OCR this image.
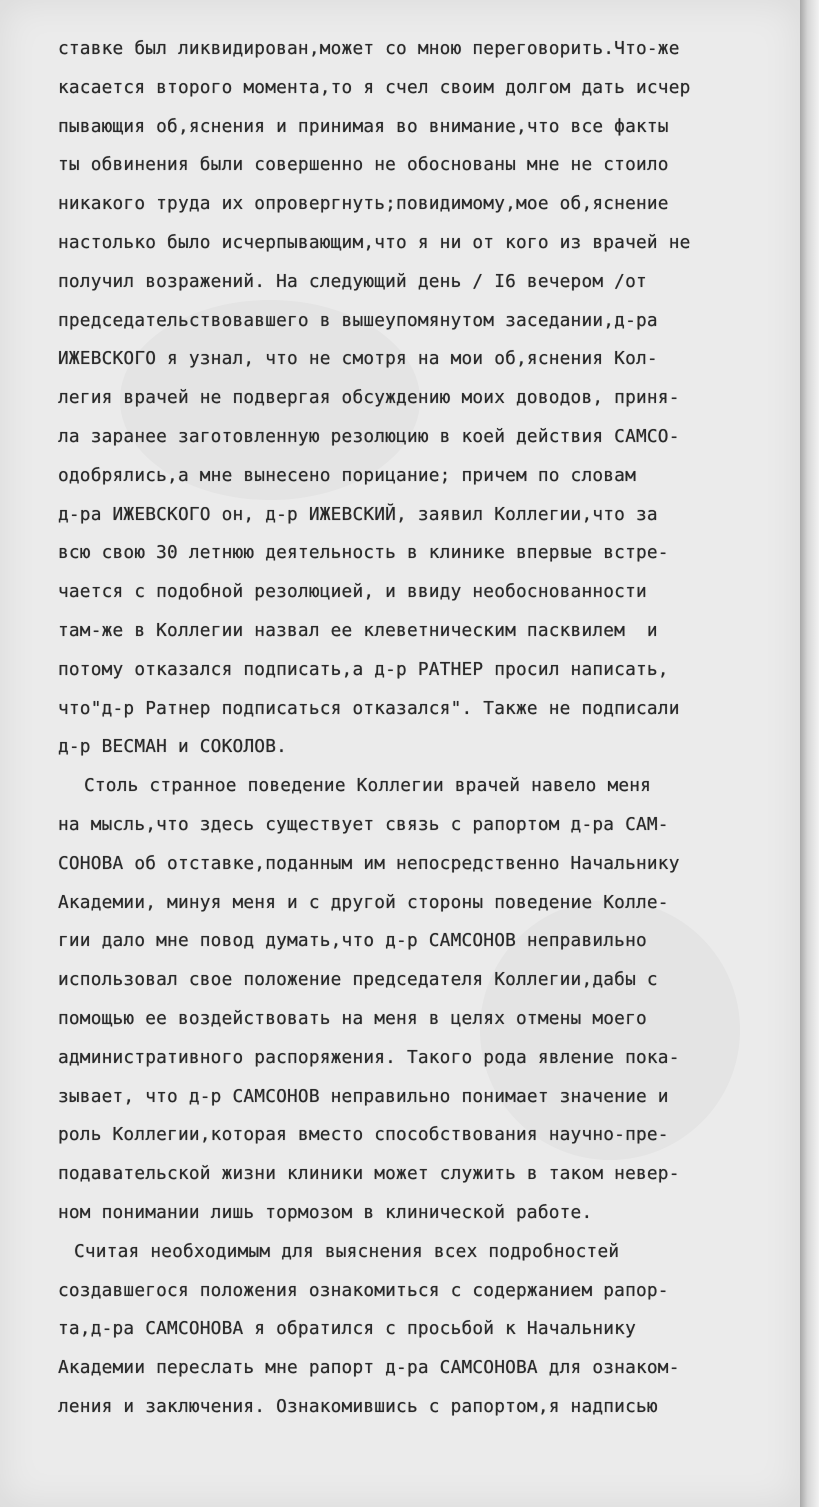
ставке был ликвидирован,может со мною переговорить.Что-же
касается второго момента,то я счел своим долгом дать исчер
пывающия об,яснения и принимая во внимание,что все факты
ты обвинения были совершенно не обоснованы мне не стоило
никакого труда их опровергнуть;повидимому,мое об,яснение
настолько было исчерпывающим,что я ни от кого из врачей не
получил возражений. На следующий день / I6 вечером /от
председательствовавшего в вышеупомянутом заседании,д-ра
ИЖЕВСКОГО я узнал, что не смотря на мои об,яснения Кол-
легия врачей не подвергая обсуждению моих доводов, приня-
ла заранее заготовленную резолюцию в коей действия САМСО-
одобрялись,а мне вынесено порицание; причем по словам
д-ра ИЖЕВСКОГО он, д-р ИЖЕВСКИЙ, заявил Коллегии,что за
всю свою 30 летнюю деятельность в клинике впервые встре-
чается с подобной резолюцией, и ввиду необоснованности
там-же в Коллегии назвал ее клеветническим пасквилем  и
потому отказался подписать,а д-р РАТНЕР просил написать,
что"д-р Ратнер подписаться отказался". Также не подписали
д-р ВЕСМАН и СОКОЛОВ.
Столь странное поведение Коллегии врачей навело меня
на мысль,что здесь существует связь с рапортом д-ра САМ-
СОНОВА об отставке,поданным им непосредственно Начальнику
Академии, минуя меня и с другой стороны поведение Колле-
гии дало мне повод думать,что д-р САМСОНОВ неправильно
использовал свое положение председателя Коллегии,дабы с
помощью ее воздействовать на меня в целях отмены моего
административного распоряжения. Такого рода явление пока-
зывает, что д-р САМСОНОВ неправильно понимает значение и
роль Коллегии,которая вместо способствования научно-пре-
подавательской жизни клиники может служить в таком невер-
ном понимании лишь тормозом в клинической работе.
Считая необходимым для выяснения всех подробностей
создавшегося положения ознакомиться с содержанием рапор-
та,д-ра САМСОНОВА я обратился с просьбой к Начальнику
Академии переслать мне рапорт д-ра САМСОНОВА для ознаком-
ления и заключения. Ознакомившись с рапортом,я надписью
